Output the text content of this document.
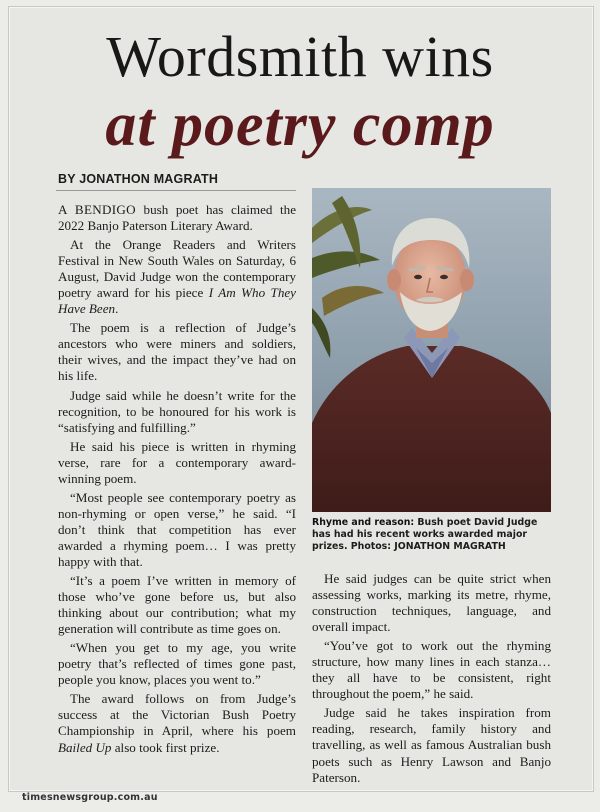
Wordsmith wins
at poetry comp
BY JONATHON MAGRATH

A BENDIGO bush poet has claimed the 2022 Banjo Paterson Literary Award.

At the Orange Readers and Writers Festival in New South Wales on Saturday, 6 August, David Judge won the contemporary poetry award for his piece I Am Who They Have Been.

The poem is a reflection of Judge’s ancestors who were miners and soldiers, their wives, and the impact they’ve had on his life.

Judge said while he doesn’t write for the recognition, to be honoured for his work is “satisfying and fulfilling.”

He said his piece is written in rhyming verse, rare for a contemporary award-winning poem.

“Most people see contemporary poetry as non-rhyming or open verse,” he said. “I don’t think that competition has ever awarded a rhyming poem… I was pretty happy with that.

“It’s a poem I’ve written in memory of those who’ve gone before us, but also thinking about our contribution; what my generation will contribute as time goes on.

“When you get to my age, you write poetry that’s reflected of times gone past, people you know, places you went to.”

The award follows on from Judge’s success at the Victorian Bush Poetry Championship in April, where his poem Bailed Up also took first prize.

Rhyme and reason: Bush poet David Judge has had his recent works awarded major prizes. Photos: JONATHON MAGRATH

He said judges can be quite strict when assessing works, marking its metre, rhyme, construction techniques, language, and overall impact.

“You’ve got to work out the rhyming structure, how many lines in each stanza… they all have to be consistent, right throughout the poem,” he said.

Judge said he takes inspiration from reading, research, family history and travelling, as well as famous Australian bush poets such as Henry Lawson and Banjo Paterson.

timesnewsgroup.com.au
